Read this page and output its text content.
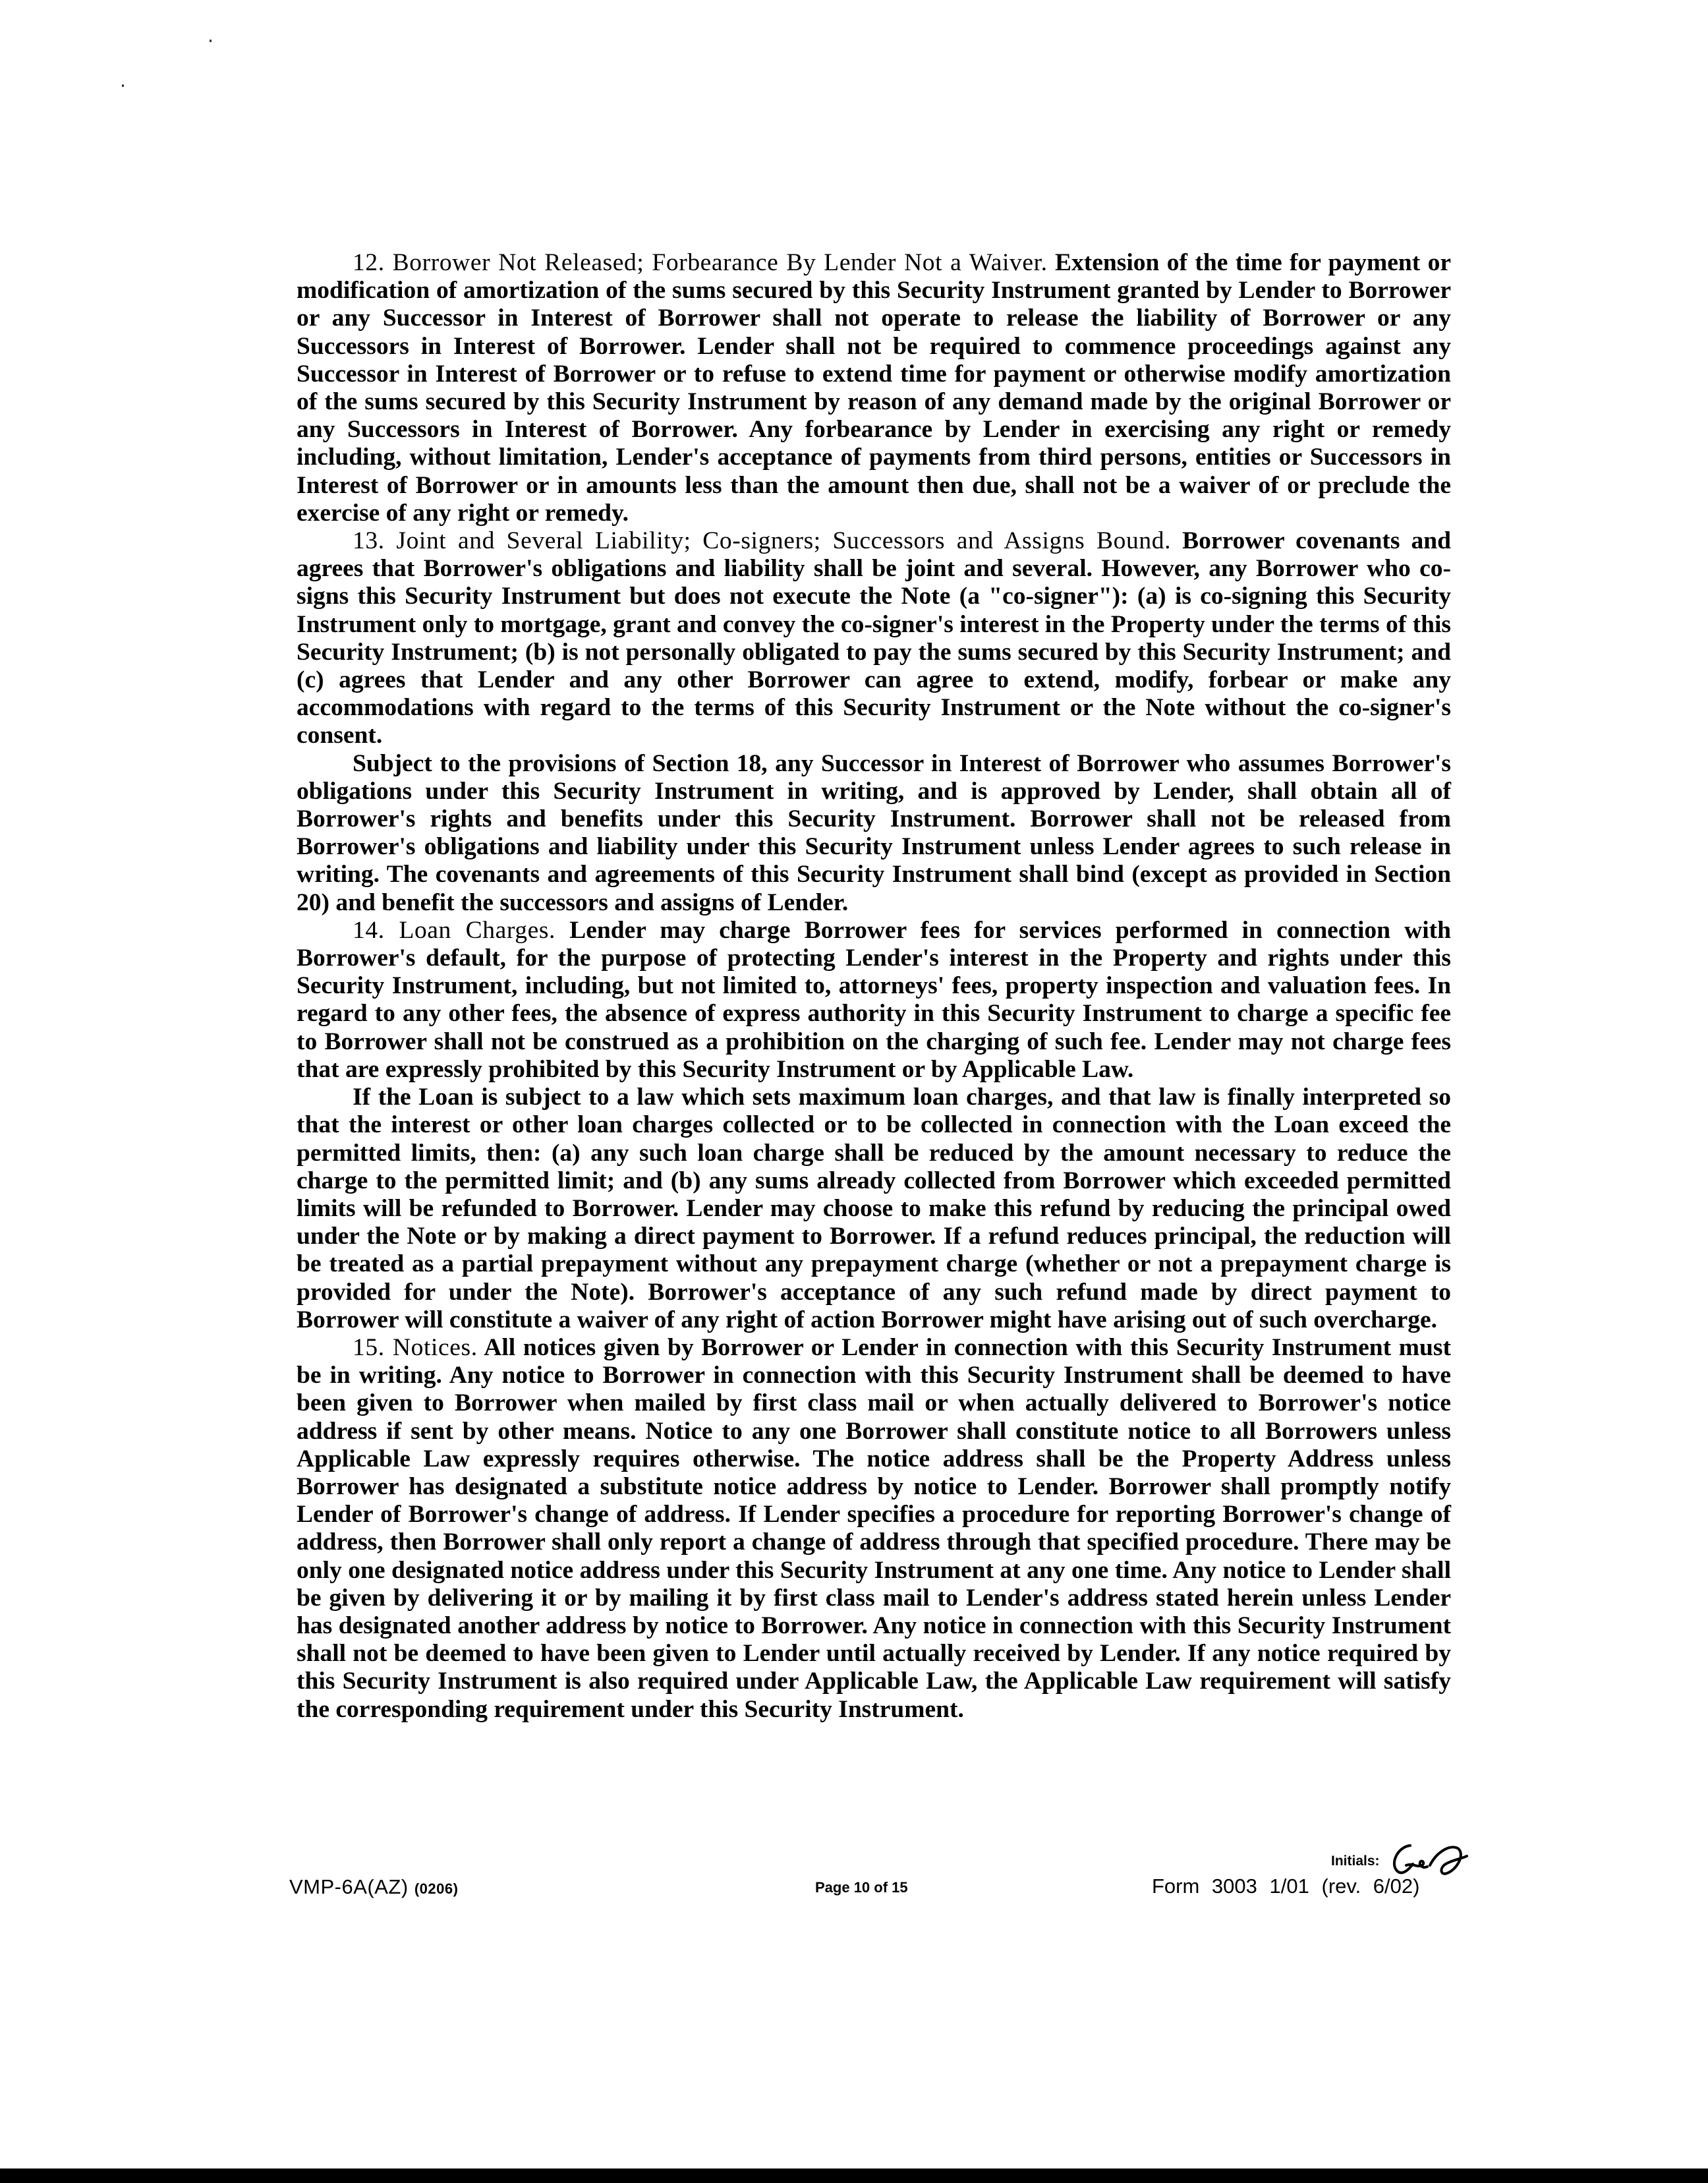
12. Borrower Not Released; Forbearance By Lender Not a Waiver. Extension of the time for payment or modification of amortization of the sums secured by this Security Instrument granted by Lender to Borrower or any Successor in Interest of Borrower shall not operate to release the liability of Borrower or any Successors in Interest of Borrower. Lender shall not be required to commence proceedings against any Successor in Interest of Borrower or to refuse to extend time for payment or otherwise modify amortization of the sums secured by this Security Instrument by reason of any demand made by the original Borrower or any Successors in Interest of Borrower. Any forbearance by Lender in exercising any right or remedy including, without limitation, Lender's acceptance of payments from third persons, entities or Successors in Interest of Borrower or in amounts less than the amount then due, shall not be a waiver of or preclude the exercise of any right or remedy.

13. Joint and Several Liability; Co-signers; Successors and Assigns Bound. Borrower covenants and agrees that Borrower's obligations and liability shall be joint and several. However, any Borrower who co-signs this Security Instrument but does not execute the Note (a "co-signer"): (a) is co-signing this Security Instrument only to mortgage, grant and convey the co-signer's interest in the Property under the terms of this Security Instrument; (b) is not personally obligated to pay the sums secured by this Security Instrument; and (c) agrees that Lender and any other Borrower can agree to extend, modify, forbear or make any accommodations with regard to the terms of this Security Instrument or the Note without the co-signer's consent.

Subject to the provisions of Section 18, any Successor in Interest of Borrower who assumes Borrower's obligations under this Security Instrument in writing, and is approved by Lender, shall obtain all of Borrower's rights and benefits under this Security Instrument. Borrower shall not be released from Borrower's obligations and liability under this Security Instrument unless Lender agrees to such release in writing. The covenants and agreements of this Security Instrument shall bind (except as provided in Section 20) and benefit the successors and assigns of Lender.

14. Loan Charges. Lender may charge Borrower fees for services performed in connection with Borrower's default, for the purpose of protecting Lender's interest in the Property and rights under this Security Instrument, including, but not limited to, attorneys' fees, property inspection and valuation fees. In regard to any other fees, the absence of express authority in this Security Instrument to charge a specific fee to Borrower shall not be construed as a prohibition on the charging of such fee. Lender may not charge fees that are expressly prohibited by this Security Instrument or by Applicable Law.

If the Loan is subject to a law which sets maximum loan charges, and that law is finally interpreted so that the interest or other loan charges collected or to be collected in connection with the Loan exceed the permitted limits, then: (a) any such loan charge shall be reduced by the amount necessary to reduce the charge to the permitted limit; and (b) any sums already collected from Borrower which exceeded permitted limits will be refunded to Borrower. Lender may choose to make this refund by reducing the principal owed under the Note or by making a direct payment to Borrower. If a refund reduces principal, the reduction will be treated as a partial prepayment without any prepayment charge (whether or not a prepayment charge is provided for under the Note). Borrower's acceptance of any such refund made by direct payment to Borrower will constitute a waiver of any right of action Borrower might have arising out of such overcharge.

15. Notices. All notices given by Borrower or Lender in connection with this Security Instrument must be in writing. Any notice to Borrower in connection with this Security Instrument shall be deemed to have been given to Borrower when mailed by first class mail or when actually delivered to Borrower's notice address if sent by other means. Notice to any one Borrower shall constitute notice to all Borrowers unless Applicable Law expressly requires otherwise. The notice address shall be the Property Address unless Borrower has designated a substitute notice address by notice to Lender. Borrower shall promptly notify Lender of Borrower's change of address. If Lender specifies a procedure for reporting Borrower's change of address, then Borrower shall only report a change of address through that specified procedure. There may be only one designated notice address under this Security Instrument at any one time. Any notice to Lender shall be given by delivering it or by mailing it by first class mail to Lender's address stated herein unless Lender has designated another address by notice to Borrower. Any notice in connection with this Security Instrument shall not be deemed to have been given to Lender until actually received by Lender. If any notice required by this Security Instrument is also required under Applicable Law, the Applicable Law requirement will satisfy the corresponding requirement under this Security Instrument.

Initials:
VMP-6A(AZ) (0206)	Page 10 of 15	Form 3003 1/01 (rev. 6/02)
